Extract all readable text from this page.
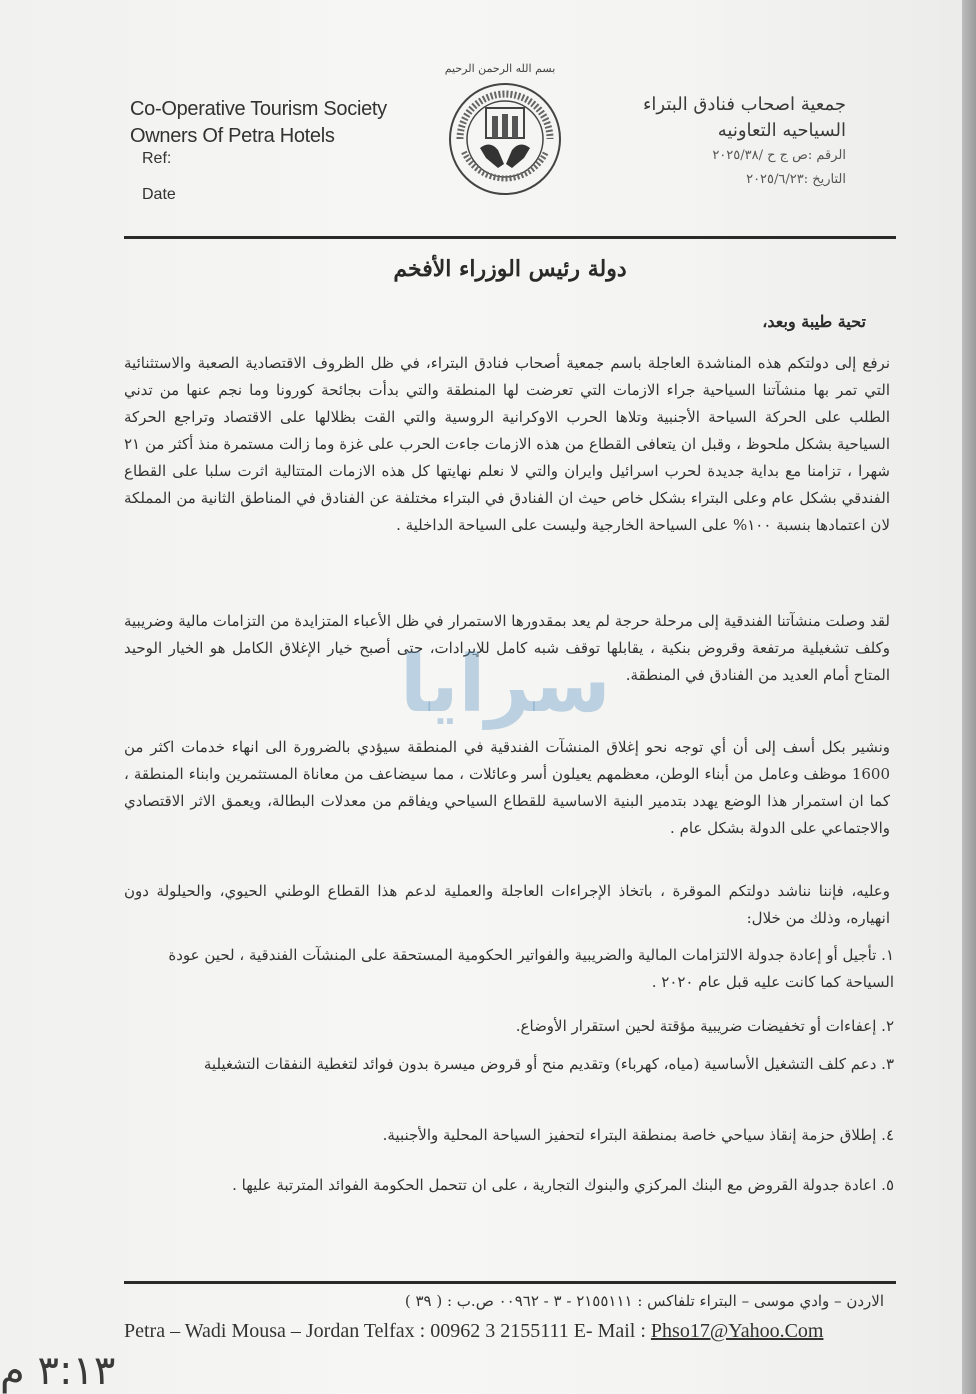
بسم الله الرحمن الرحيم
Co-Operative Tourism Society
Owners Of Petra Hotels
Ref:
Date
جمعية اصحاب فنادق البتراء
السياحيه التعاونيه
الرقم :ص ج ح /٢٠٢٥/٣٨
التاريخ :٢٠٢٥/٦/٢٣
دولة رئيس الوزراء الأفخم
تحية طيبة وبعد،
نرفع إلى دولتكم هذه المناشدة العاجلة باسم جمعية أصحاب فنادق البتراء، في ظل الظروف الاقتصادية الصعبة والاستثنائية التي تمر بها منشآتنا السياحية جراء الازمات التي تعرضت لها المنطقة والتي بدأت بجائحة كورونا وما نجم عنها من تدني الطلب على الحركة السياحة الأجنبية وتلاها الحرب الاوكرانية الروسية والتي القت بظلالها على الاقتصاد وتراجع الحركة السياحية بشكل ملحوظ ، وقبل ان يتعافى القطاع من هذه الازمات جاءت الحرب على غزة وما زالت مستمرة منذ أكثر من ٢١ شهرا ، تزامنا مع بداية جديدة لحرب اسرائيل وايران والتي لا نعلم نهايتها كل هذه الازمات المتتالية اثرت سلبا على القطاع الفندقي بشكل عام وعلى البتراء بشكل خاص حيث ان الفنادق في البتراء مختلفة عن الفنادق في المناطق الثانية من المملكة لان اعتمادها بنسبة ١٠٠% على السياحة الخارجية وليست على السياحة الداخلية .
لقد وصلت منشآتنا الفندقية إلى مرحلة حرجة لم يعد بمقدورها الاستمرار في ظل الأعباء المتزايدة من التزامات مالية وضريبية وكلف تشغيلية مرتفعة وقروض بنكية ، يقابلها توقف شبه كامل للإيرادات، حتى أصبح خيار الإغلاق الكامل هو الخيار الوحيد المتاح أمام العديد من الفنادق في المنطقة.
ونشير بكل أسف إلى أن أي توجه نحو إغلاق المنشآت الفندقية في المنطقة سيؤدي بالضرورة الى انهاء خدمات اكثر من 1600 موظف وعامل من أبناء الوطن، معظمهم يعيلون أسر وعائلات ، مما سيضاعف من معاناة المستثمرين وابناء المنطقة ، كما ان استمرار هذا الوضع يهدد بتدمير البنية الاساسية للقطاع السياحي ويفاقم من معدلات البطالة، ويعمق الاثر الاقتصادي والاجتماعي على الدولة بشكل عام .
وعليه، فإننا نناشد دولتكم الموقرة ، باتخاذ الإجراءات العاجلة والعملية لدعم هذا القطاع الوطني الحيوي، والحيلولة دون انهياره، وذلك من خلال:
١. تأجيل أو إعادة جدولة الالتزامات المالية والضريبية والفواتير الحكومية المستحقة على المنشآت الفندقية ، لحين عودة السياحة كما كانت عليه قبل عام ٢٠٢٠ .
٢. إعفاءات أو تخفيضات ضريبية مؤقتة لحين استقرار الأوضاع.
٣. دعم كلف التشغيل الأساسية (مياه، كهرباء) وتقديم منح أو قروض ميسرة بدون فوائد لتغطية النفقات التشغيلية
٤. إطلاق حزمة إنقاذ سياحي خاصة بمنطقة البتراء لتحفيز السياحة المحلية والأجنبية.
٥. اعادة جدولة القروض مع البنك المركزي والبنوك التجارية ، على ان تتحمل الحكومة الفوائد المترتبة عليها .
سرايا
الاردن – وادي موسى – البتراء تلفاكس : ٢١٥٥١١١ - ٣ - ٠٠٩٦٢ ص.ب : ( ٣٩ )
Petra – Wadi Mousa – Jordan Telfax : 00962 3 2155111 E- Mail : Phso17@Yahoo.Com
٣:١٣ م
